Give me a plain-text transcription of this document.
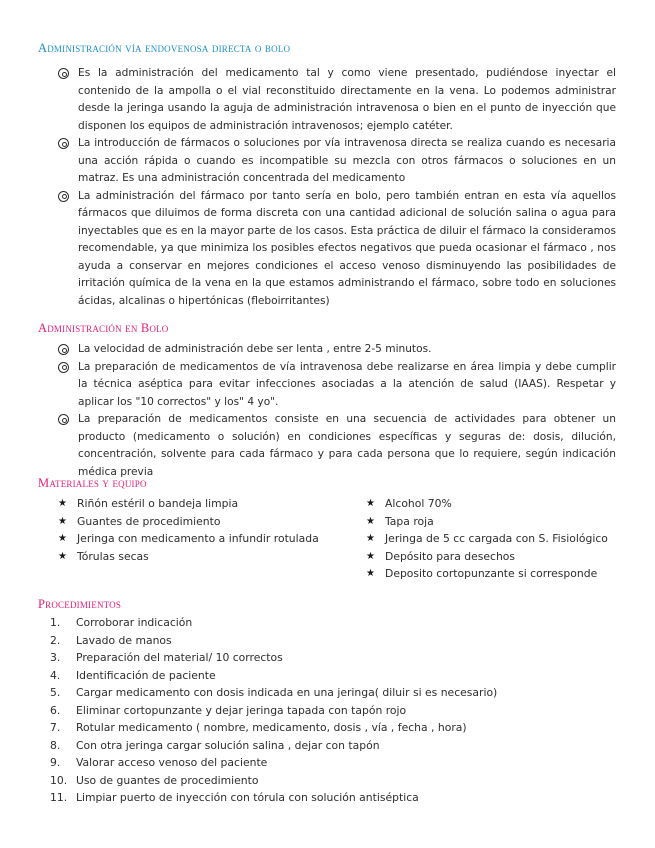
Administración vía endovenosa directa o bolo
Es la administración del medicamento tal y como viene presentado, pudiéndose inyectar el contenido de la ampolla o el vial reconstituido directamente en la vena. Lo podemos administrar desde la jeringa usando la aguja de administración intravenosa o bien en el punto de inyección que disponen los equipos de administración intravenosos; ejemplo catéter.
La introducción de fármacos o soluciones por vía intravenosa directa se realiza cuando es necesaria una acción rápida o cuando es incompatible su mezcla con otros fármacos o soluciones en un matraz. Es una administración concentrada del medicamento
La administración del fármaco por tanto sería en bolo, pero también entran en esta vía aquellos fármacos que diluimos de forma discreta con una cantidad adicional de solución salina o agua para inyectables que es en la mayor parte de los casos. Esta práctica de diluir el fármaco la consideramos recomendable, ya que minimiza los posibles efectos negativos que pueda ocasionar el fármaco , nos ayuda a conservar en mejores condiciones el acceso venoso disminuyendo las posibilidades de irritación química de la vena en la que estamos administrando el fármaco, sobre todo en soluciones ácidas, alcalinas o hipertónicas (fleboirritantes)
Administración en Bolo
La velocidad de administración debe ser lenta , entre 2-5 minutos.
La preparación de medicamentos de vía intravenosa debe realizarse en área limpia y debe cumplir la técnica aséptica para evitar infecciones asociadas a la atención de salud (IAAS). Respetar y aplicar los "10 correctos" y los" 4 yo".
La preparación de medicamentos consiste en una secuencia de actividades para obtener un producto (medicamento o solución) en condiciones específicas y seguras de: dosis, dilución, concentración, solvente para cada fármaco y para cada persona que lo requiere, según indicación médica previa
Materiales y equipo
★ Riñón estéril o bandeja limpia
★ Guantes de procedimiento
★ Jeringa con medicamento a infundir rotulada
★ Tórulas secas
★ Alcohol 70%
★ Tapa roja
★ Jeringa de 5 cc cargada con S. Fisiológico
★ Depósito para desechos
★ Deposito cortopunzante si corresponde
Procedimientos
1. Corroborar indicación
2. Lavado de manos
3. Preparación del material/ 10 correctos
4. Identificación de paciente
5. Cargar medicamento con dosis indicada en una jeringa( diluir si es necesario)
6. Eliminar cortopunzante y dejar jeringa tapada con tapón rojo
7. Rotular medicamento ( nombre, medicamento, dosis , vía , fecha , hora)
8. Con otra jeringa cargar solución salina , dejar con tapón
9. Valorar acceso venoso del paciente
10. Uso de guantes de procedimiento
11. Limpiar puerto de inyección con tórula con solución antiséptica
